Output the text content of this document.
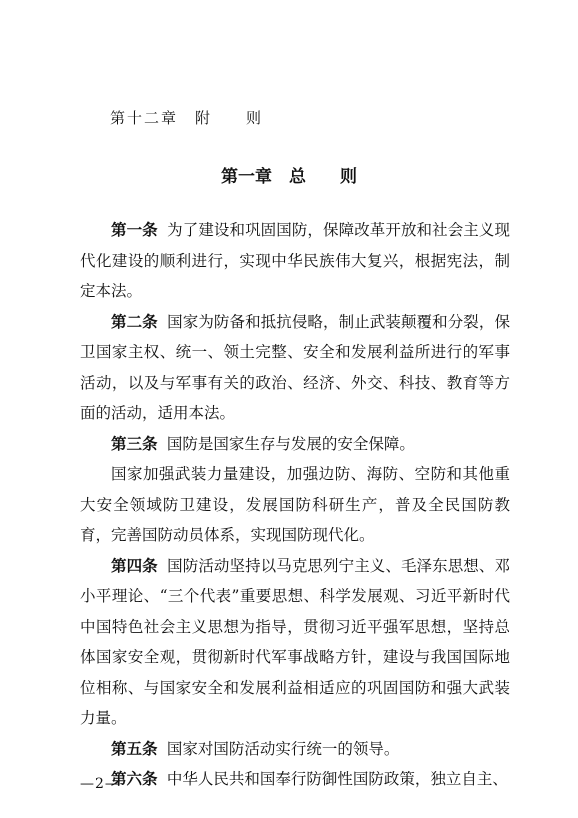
第十二章　附　　则
第一章　总　　则

第一条 为了建设和巩固国防，保障改革开放和社会主义现代化建设的顺利进行，实现中华民族伟大复兴，根据宪法，制定本法。

第二条 国家为防备和抵抗侵略，制止武装颠覆和分裂，保卫国家主权、统一、领土完整、安全和发展利益所进行的军事活动，以及与军事有关的政治、经济、外交、科技、教育等方面的活动，适用本法。

第三条 国防是国家生存与发展的安全保障。

国家加强武装力量建设，加强边防、海防、空防和其他重大安全领域防卫建设，发展国防科研生产，普及全民国防教育，完善国防动员体系，实现国防现代化。

第四条 国防活动坚持以马克思列宁主义、毛泽东思想、邓小平理论、“三个代表”重要思想、科学发展观、习近平新时代中国特色社会主义思想为指导，贯彻习近平强军思想，坚持总体国家安全观，贯彻新时代军事战略方针，建设与我国国际地位相称、与国家安全和发展利益相适应的巩固国防和强大武装力量。

第五条 国家对国防活动实行统一的领导。

第六条 中华人民共和国奉行防御性国防政策，独立自主、

—2—
